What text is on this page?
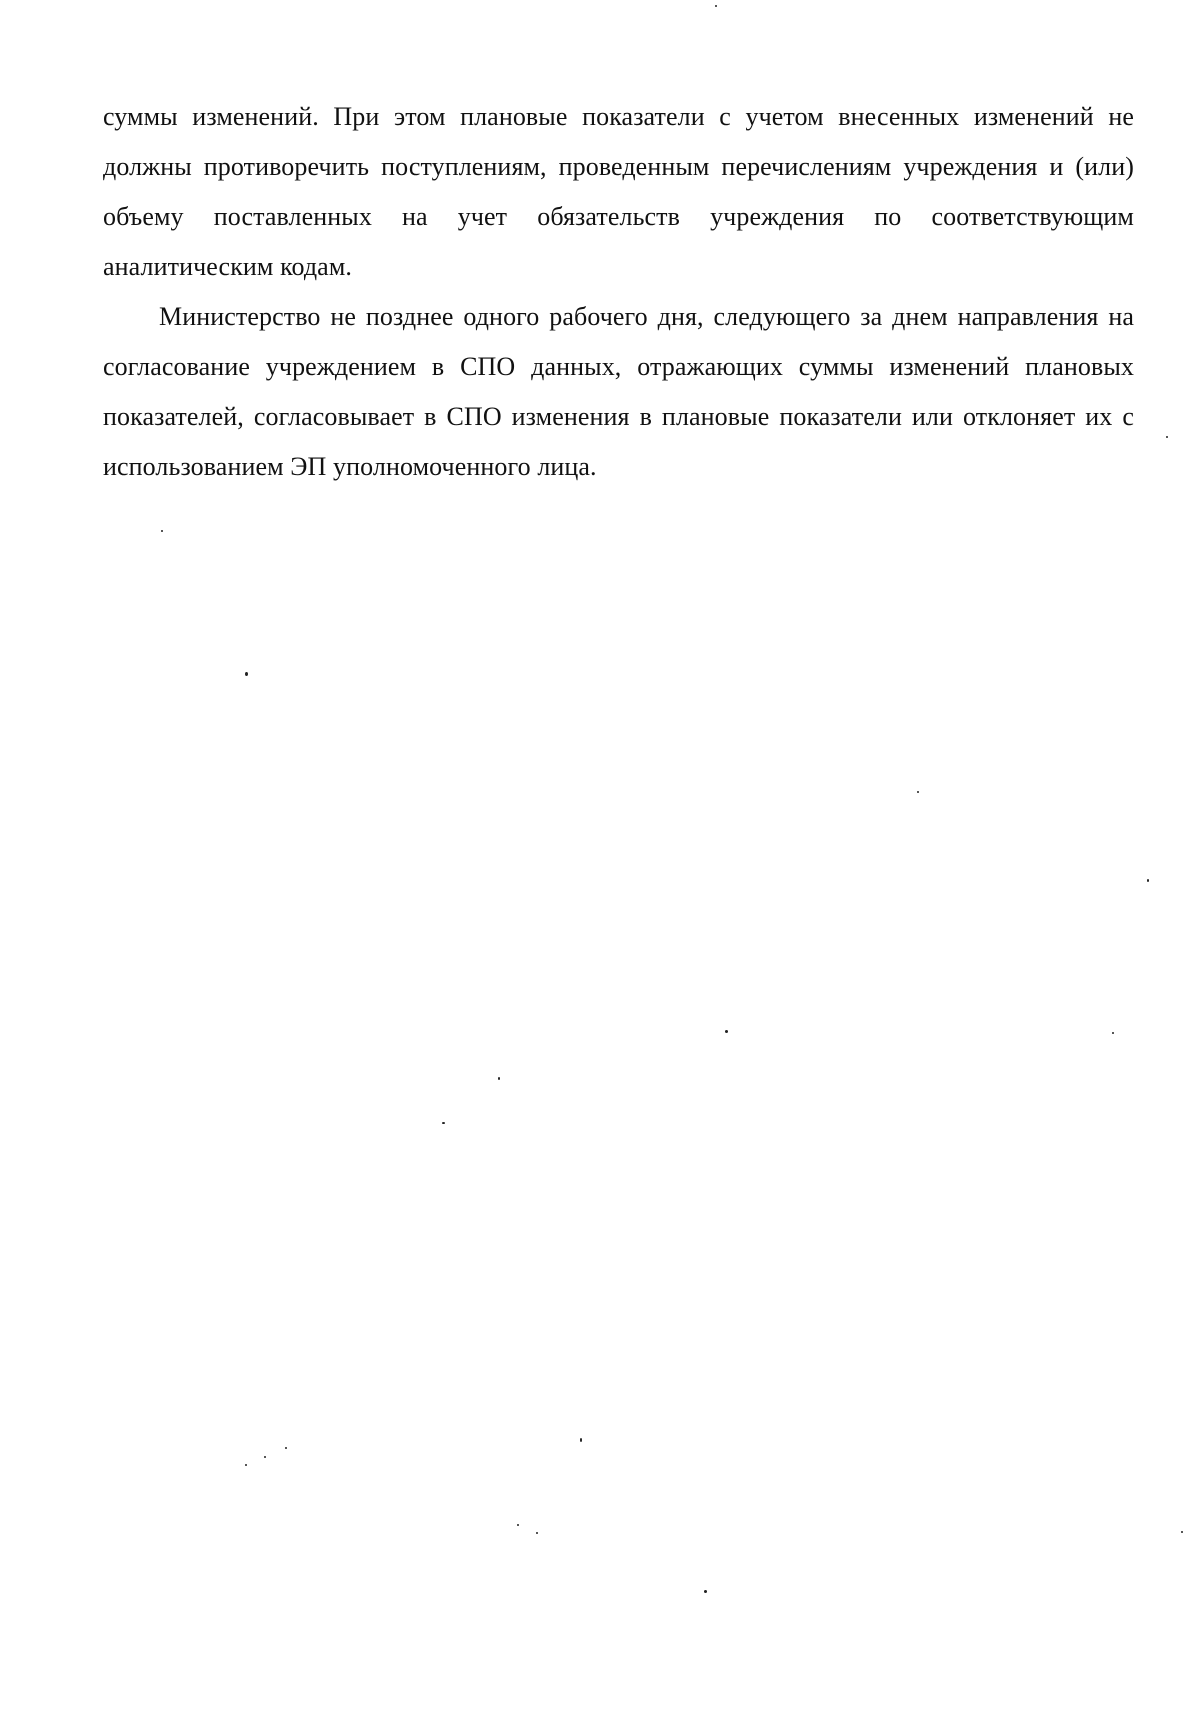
суммы изменений. При этом плановые показатели с учетом внесенных изменений не должны противоречить поступлениям, проведенным перечислениям учреждения и (или) объему поставленных на учет обязательств учреждения по соответствующим аналитическим кодам.

Министерство не позднее одного рабочего дня, следующего за днем направления на согласование учреждением в СПО данных, отражающих суммы изменений плановых показателей, согласовывает в СПО изменения в плановые показатели или отклоняет их с использованием ЭП уполномоченного лица.
